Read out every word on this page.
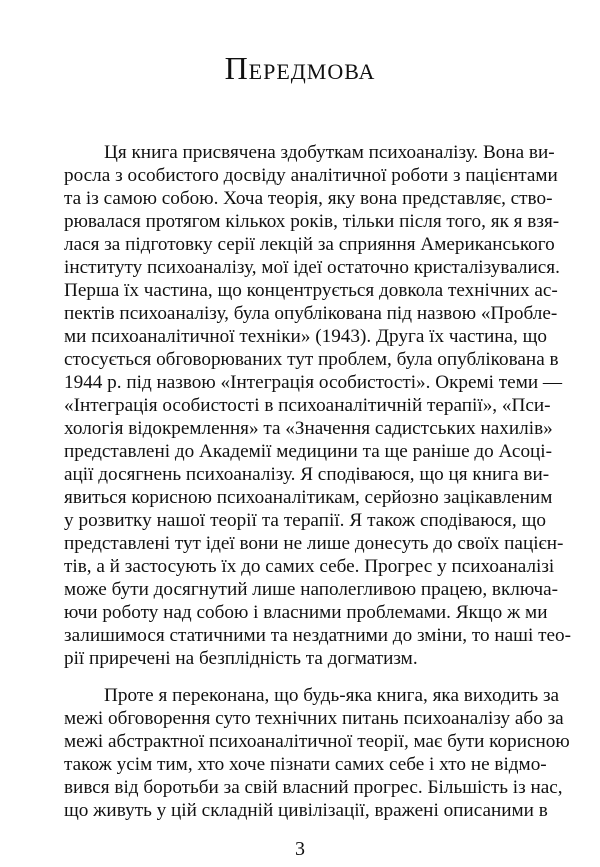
Передмова
Ця книга присвячена здобуткам психоаналізу. Вона ви-
росла з особистого досвіду аналітичної роботи з пацієнтами
та із самою собою. Хоча теорія, яку вона представляє, ство-
рювалася протягом кількох років, тільки після того, як я взя-
лася за підготовку серії лекцій за сприяння Американського
інституту психоаналізу, мої ідеї остаточно кристалізувалися.
Перша їх частина, що концентрується довкола технічних ас-
пектів психоаналізу, була опублікована під назвою «Пробле-
ми психоаналітичної техніки» (1943). Друга їх частина, що
стосується обговорюваних тут проблем, була опублікована в
1944 р. під назвою «Інтеграція особистості». Окремі теми —
«Інтеграція особистості в психоаналітичній терапії», «Пси-
хологія відокремлення» та «Значення садистських нахилів»
представлені до Академії медицини та ще раніше до Асоці-
ації досягнень психоаналізу. Я сподіваюся, що ця книга ви-
явиться корисною психоаналітикам, серйозно зацікавленим
у розвитку нашої теорії та терапії. Я також сподіваюся, що
представлені тут ідеї вони не лише донесуть до своїх пацієн-
тів, а й застосують їх до самих себе. Прогрес у психоаналізі
може бути досягнутий лише наполегливою працею, включа-
ючи роботу над собою і власними проблемами. Якщо ж ми
залишимося статичними та нездатними до зміни, то наші тео-
рії приречені на безплідність та догматизм.
Проте я переконана, що будь-яка книга, яка виходить за
межі обговорення суто технічних питань психоаналізу або за
межі абстрактної психоаналітичної теорії, має бути корисною
також усім тим, хто хоче пізнати самих себе і хто не відмо-
вився від боротьби за свій власний прогрес. Більшість із нас,
що живуть у цій складній цивілізації, вражені описаними в
3
